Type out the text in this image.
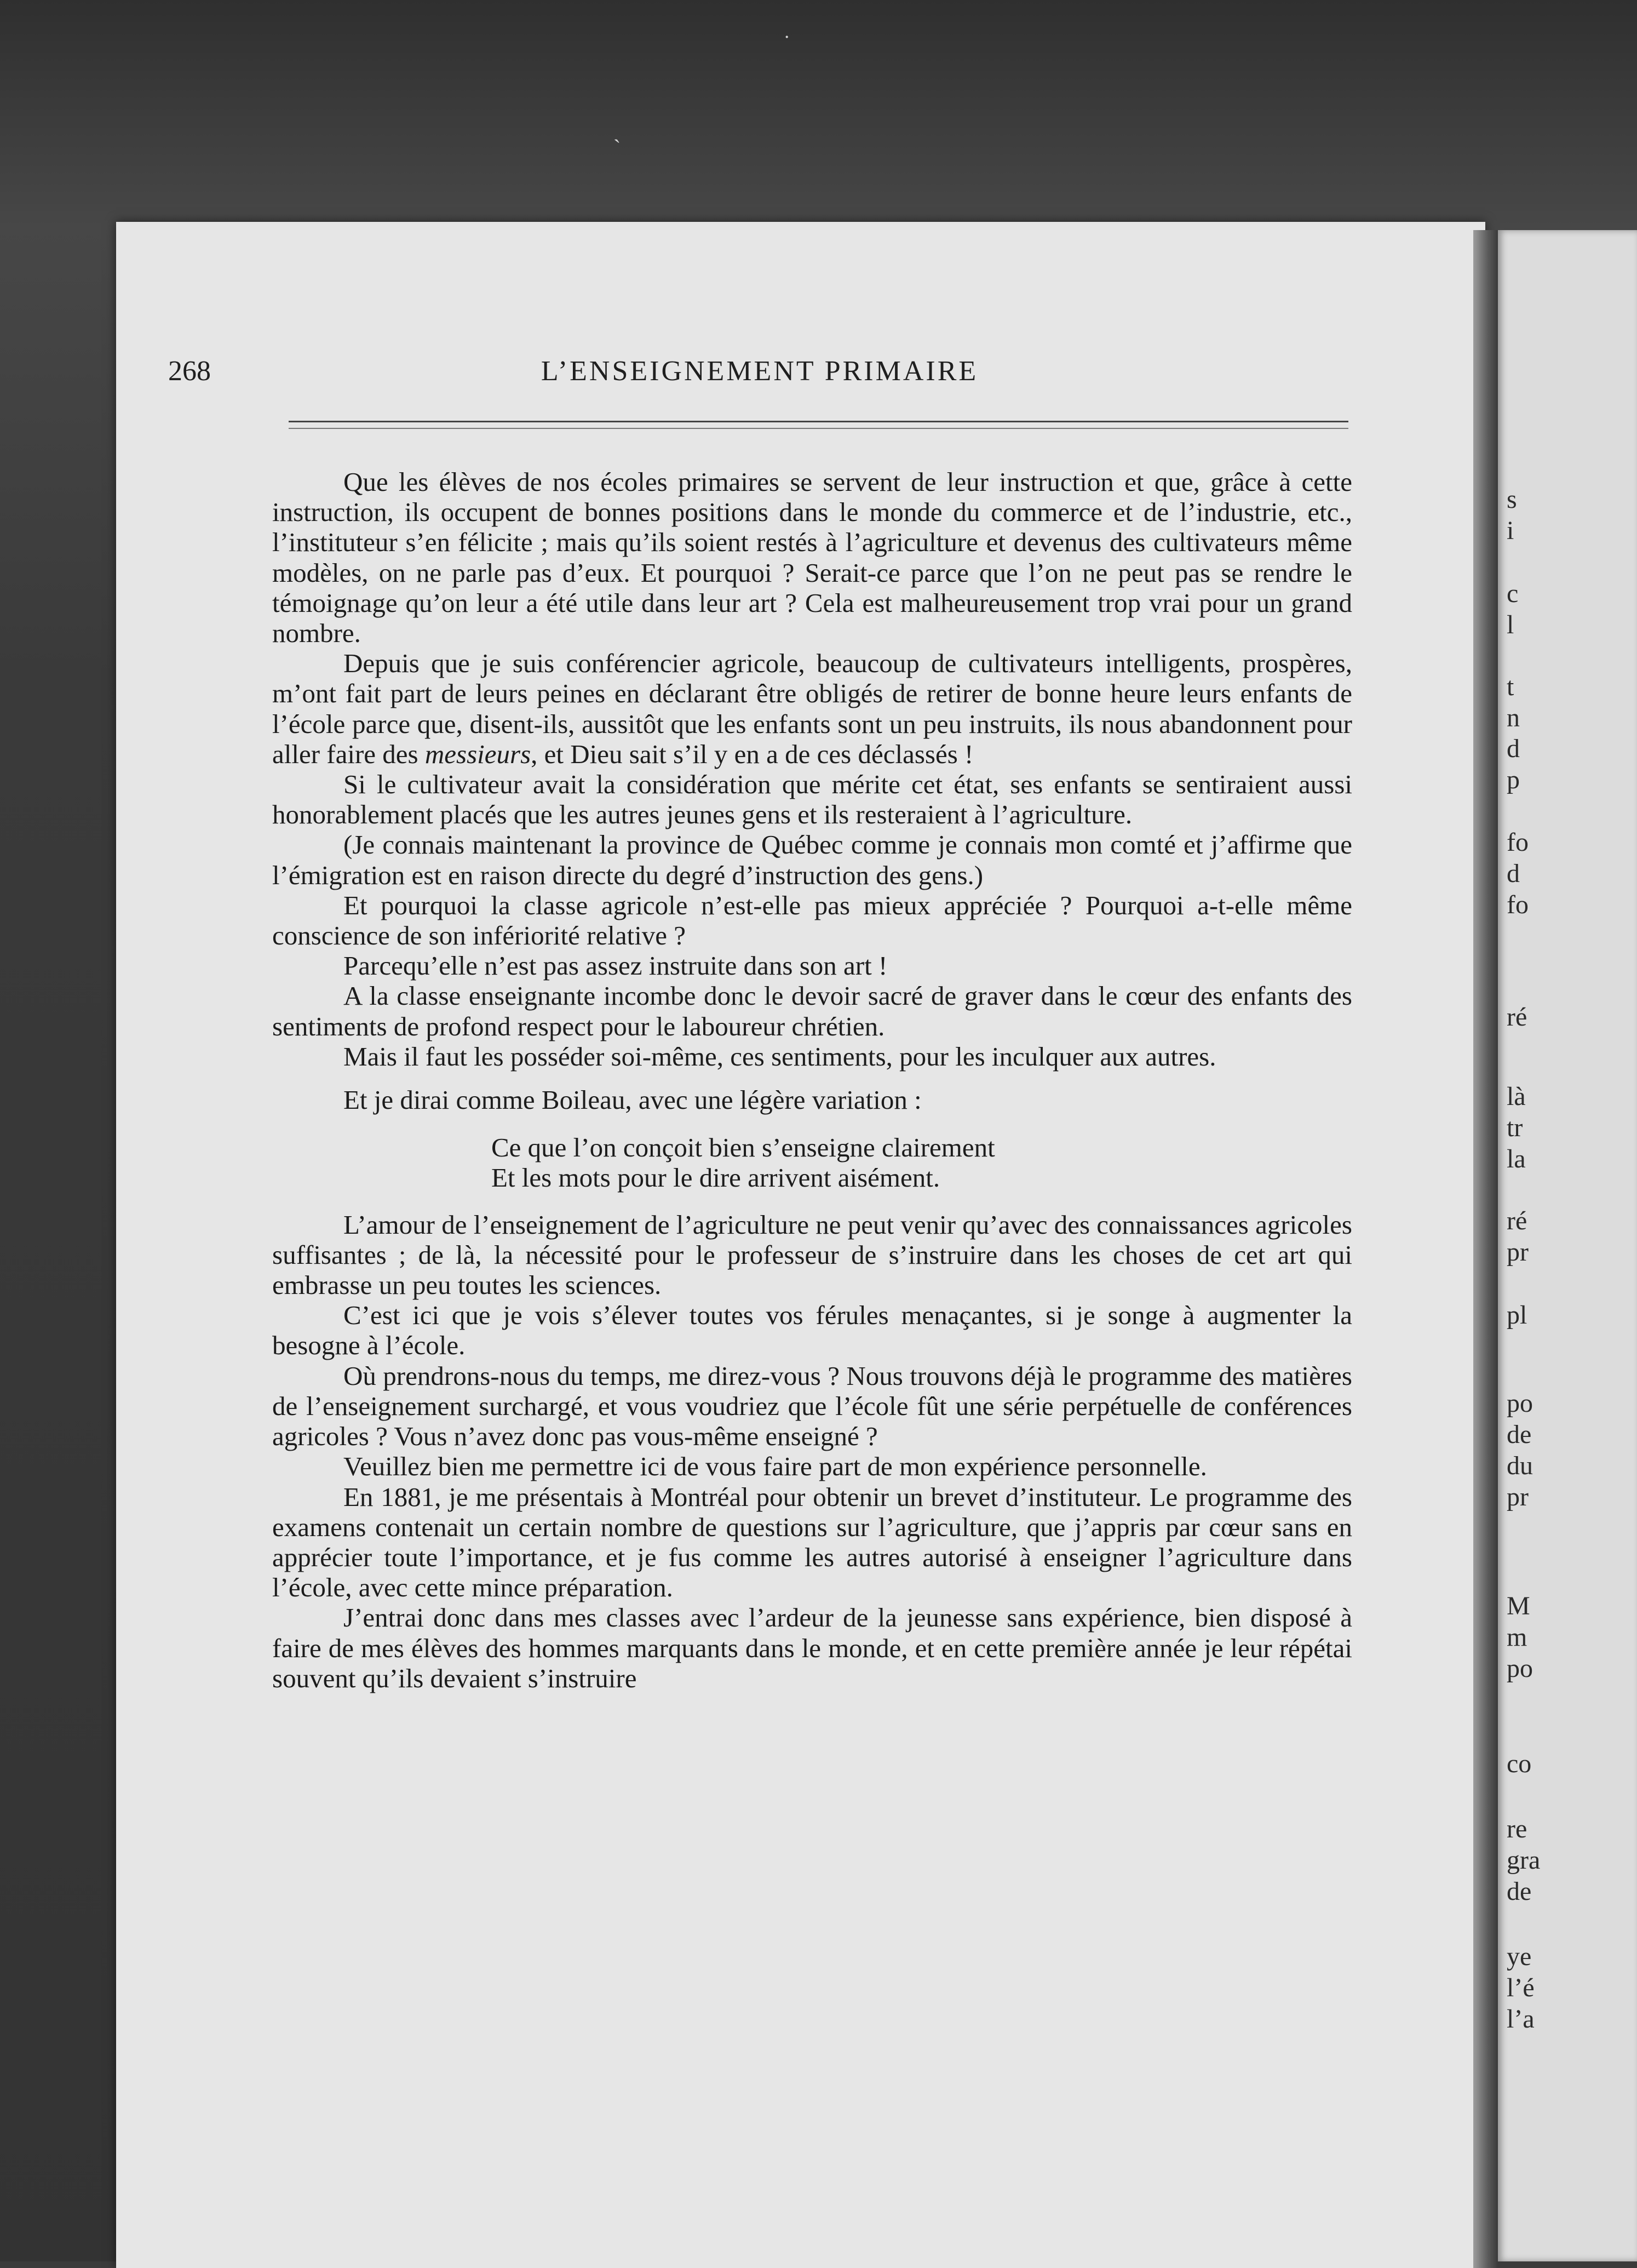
˙
ˎ
s
i
c
l
t
n
d
p
fo
d
fo
ré
là
tr
la
ré
pr
pl
po
de
du
pr
M
m
po
co
re
gra
de
ye
l’é
l’a
268	L’ENSEIGNEMENT PRIMAIRE

Que les élèves de nos écoles primaires se servent de leur instruction et que, grâce à cette instruction, ils occupent de bonnes positions dans le monde du commerce et de l’industrie, etc., l’instituteur s’en félicite ; mais qu’ils soient restés à l’agriculture et devenus des cultivateurs même modèles, on ne parle pas d’eux. Et pourquoi ? Serait-ce parce que l’on ne peut pas se rendre le témoignage qu’on leur a été utile dans leur art ? Cela est malheureusement trop vrai pour un grand nombre.

Depuis que je suis conférencier agricole, beaucoup de cultivateurs intelligents, prospères, m’ont fait part de leurs peines en déclarant être obligés de retirer de bonne heure leurs enfants de l’école parce que, disent-ils, aussitôt que les enfants sont un peu instruits, ils nous abandonnent pour aller faire des messieurs, et Dieu sait s’il y en a de ces déclassés !

Si le cultivateur avait la considération que mérite cet état, ses enfants se sentiraient aussi honorablement placés que les autres jeunes gens et ils resteraient à l’agriculture.

(Je connais maintenant la province de Québec comme je connais mon comté et j’affirme que l’émigration est en raison directe du degré d’instruction des gens.)

Et pourquoi la classe agricole n’est-elle pas mieux appréciée ? Pourquoi a-t-elle même conscience de son infériorité relative ?

Parcequ’elle n’est pas assez instruite dans son art !

A la classe enseignante incombe donc le devoir sacré de graver dans le cœur des enfants des sentiments de profond respect pour le laboureur chrétien.

Mais il faut les posséder soi-même, ces sentiments, pour les inculquer aux autres.

Et je dirai comme Boileau, avec une légère variation :

Ce que l’on conçoit bien s’enseigne clairement
Et les mots pour le dire arrivent aisément.

L’amour de l’enseignement de l’agriculture ne peut venir qu’avec des connaissances agricoles suffisantes ; de là, la nécessité pour le professeur de s’instruire dans les choses de cet art qui embrasse un peu toutes les sciences.

C’est ici que je vois s’élever toutes vos férules menaçantes, si je songe à augmenter la besogne à l’école.

Où prendrons-nous du temps, me direz-vous ? Nous trouvons déjà le programme des matières de l’enseignement surchargé, et vous voudriez que l’école fût une série perpétuelle de conférences agricoles ? Vous n’avez donc pas vous-même enseigné ?

Veuillez bien me permettre ici de vous faire part de mon expérience personnelle.

En 1881, je me présentais à Montréal pour obtenir un brevet d’instituteur. Le programme des examens contenait un certain nombre de questions sur l’agriculture, que j’appris par cœur sans en apprécier toute l’importance, et je fus comme les autres autorisé à enseigner l’agriculture dans l’école, avec cette mince préparation.

J’entrai donc dans mes classes avec l’ardeur de la jeunesse sans expérience, bien disposé à faire de mes élèves des hommes marquants dans le monde, et en cette première année je leur répétai souvent qu’ils devaient s’instruire
